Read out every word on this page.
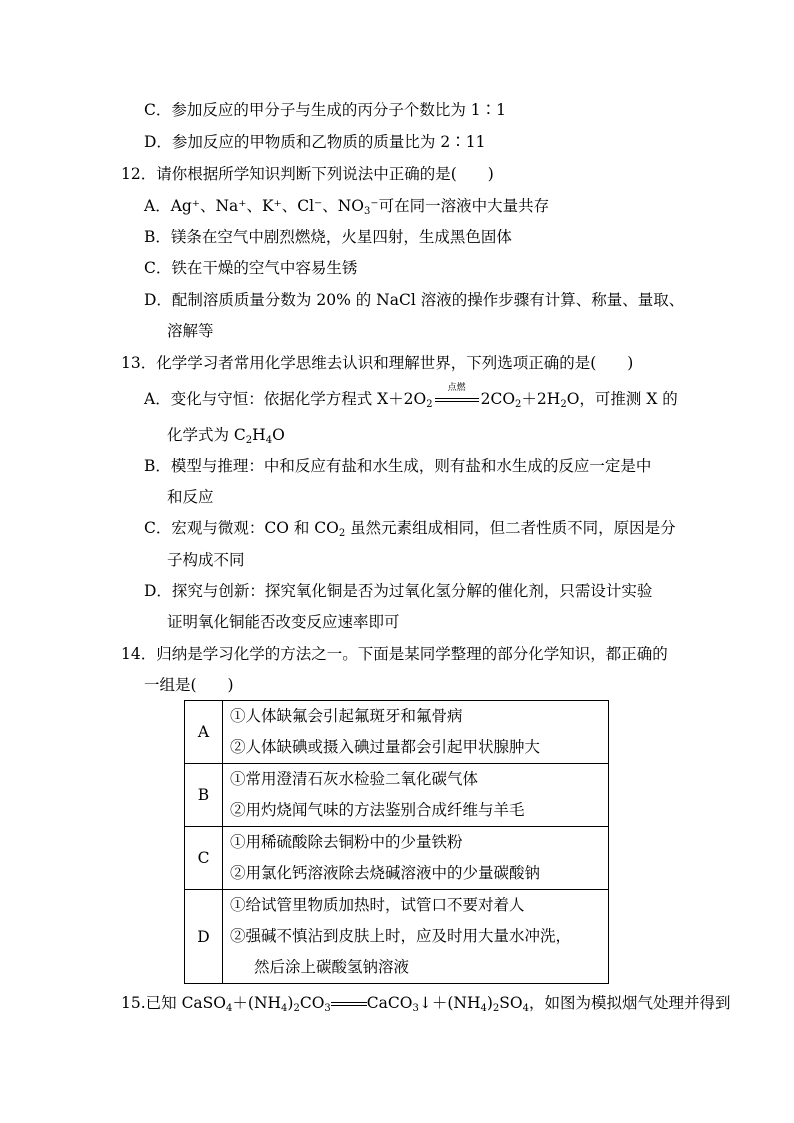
C．参加反应的甲分子与生成的丙分子个数比为 1∶1
D．参加反应的甲物质和乙物质的质量比为 2∶11
12．请你根据所学知识判断下列说法中正确的是(　　)
A．Ag⁺、Na⁺、K⁺、Cl⁻、$NO_3^-$可在同一溶液中大量共存
B．镁条在空气中剧烈燃烧，火星四射，生成黑色固体
C．铁在干燥的空气中容易生锈
D．配制溶质质量分数为 20% 的 NaCl 溶液的操作步骤有计算、称量、量取、
溶解等
13．化学学习者常用化学思维去认识和理解世界，下列选项正确的是(　　)
A．变化与守恒：依据化学方程式 $X+2O_2$
点燃
$2CO_2+2H_2O$，可推测 X 的
化学式为 $C_2H_4O$
B．模型与推理：中和反应有盐和水生成，则有盐和水生成的反应一定是中
和反应
C．宏观与微观：CO 和 $CO_2$ 虽然元素组成相同，但二者性质不同，原因是分
子构成不同
D．探究与创新：探究氧化铜是否为过氧化氢分解的催化剂，只需设计实验
证明氧化铜能否改变反应速率即可
14．归纳是学习化学的方法之一。下面是某同学整理的部分化学知识，都正确的
一组是(　　)
A	①人体缺氟会引起氟斑牙和氟骨病
②人体缺碘或摄入碘过量都会引起甲状腺肿大

B	①常用澄清石灰水检验二氧化碳气体
②用灼烧闻气味的方法鉴别合成纤维与羊毛

C	①用稀硫酸除去铜粉中的少量铁粉
②用氯化钙溶液除去烧碱溶液中的少量碳酸钠

D	①给试管里物质加热时，试管口不要对着人
②强碱不慎沾到皮肤上时，应及时用大量水冲洗，
然后涂上碳酸氢钠溶液
15.已知 $CaSO_4+(NH_4)_2CO_3$ $CaCO_3↓+(NH_4)_2SO_4$，如图为模拟烟气处理并得到
